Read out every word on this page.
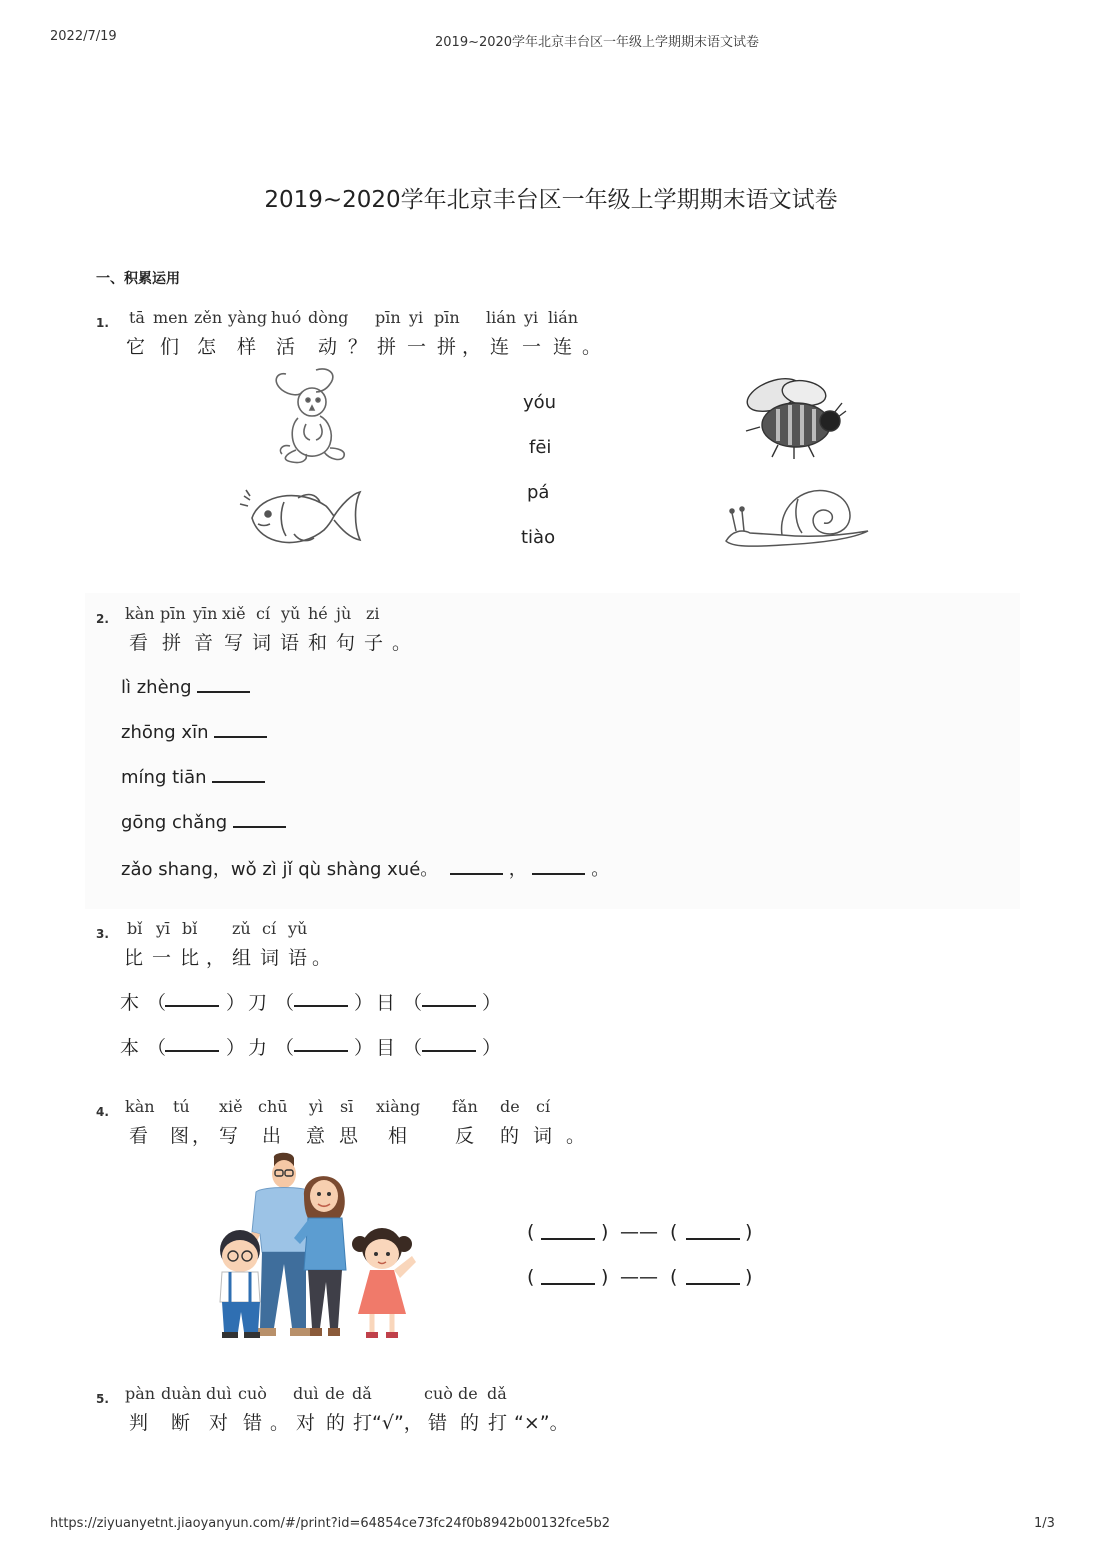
2022/7/19	2019~2020学年北京丰台区一年级上学期期末语文试卷
2019~2020学年北京丰台区一年级上学期期末语文试卷
一、积累运用
1. tā men zěn yàng huó dòng pīn yi pīn lián yi lián
它 们 怎 样 活 动 ？ 拼 一 拼 ， 连 一 连 。
yóu
fēi
pá
tiào
2. kàn pīn yīn xiě cí yǔ hé jù zi
看 拼 音 写 词 语 和 句 子 。
lì zhèng
zhōng xīn
míng tiān
gōng chǎng
zǎo shang，wǒ zì jǐ qù shàng xué。	，	。
3. bǐ yī bǐ zǔ cí yǔ
比 一 比 ， 组 词 语 。
木 （	） 刀 （	） 日 （	）
本 （	） 力 （	） 目 （	）
4. kàn tú xiě chū yì sī xiàng fǎn de cí
看 图 ， 写 出 意 思 相	反 的 词 。
(	) —— (	)
(	) —— (	)
5. pàn duàn duì cuò duì de dǎ	cuò de dǎ
判 断 对 错 。 对 的 打 “√”， 错 的 打 “×”。
https://ziyuanyetnt.jiaoyanyun.com/#/print?id=64854ce73fc24f0b8942b00132fce5b2	1/3
